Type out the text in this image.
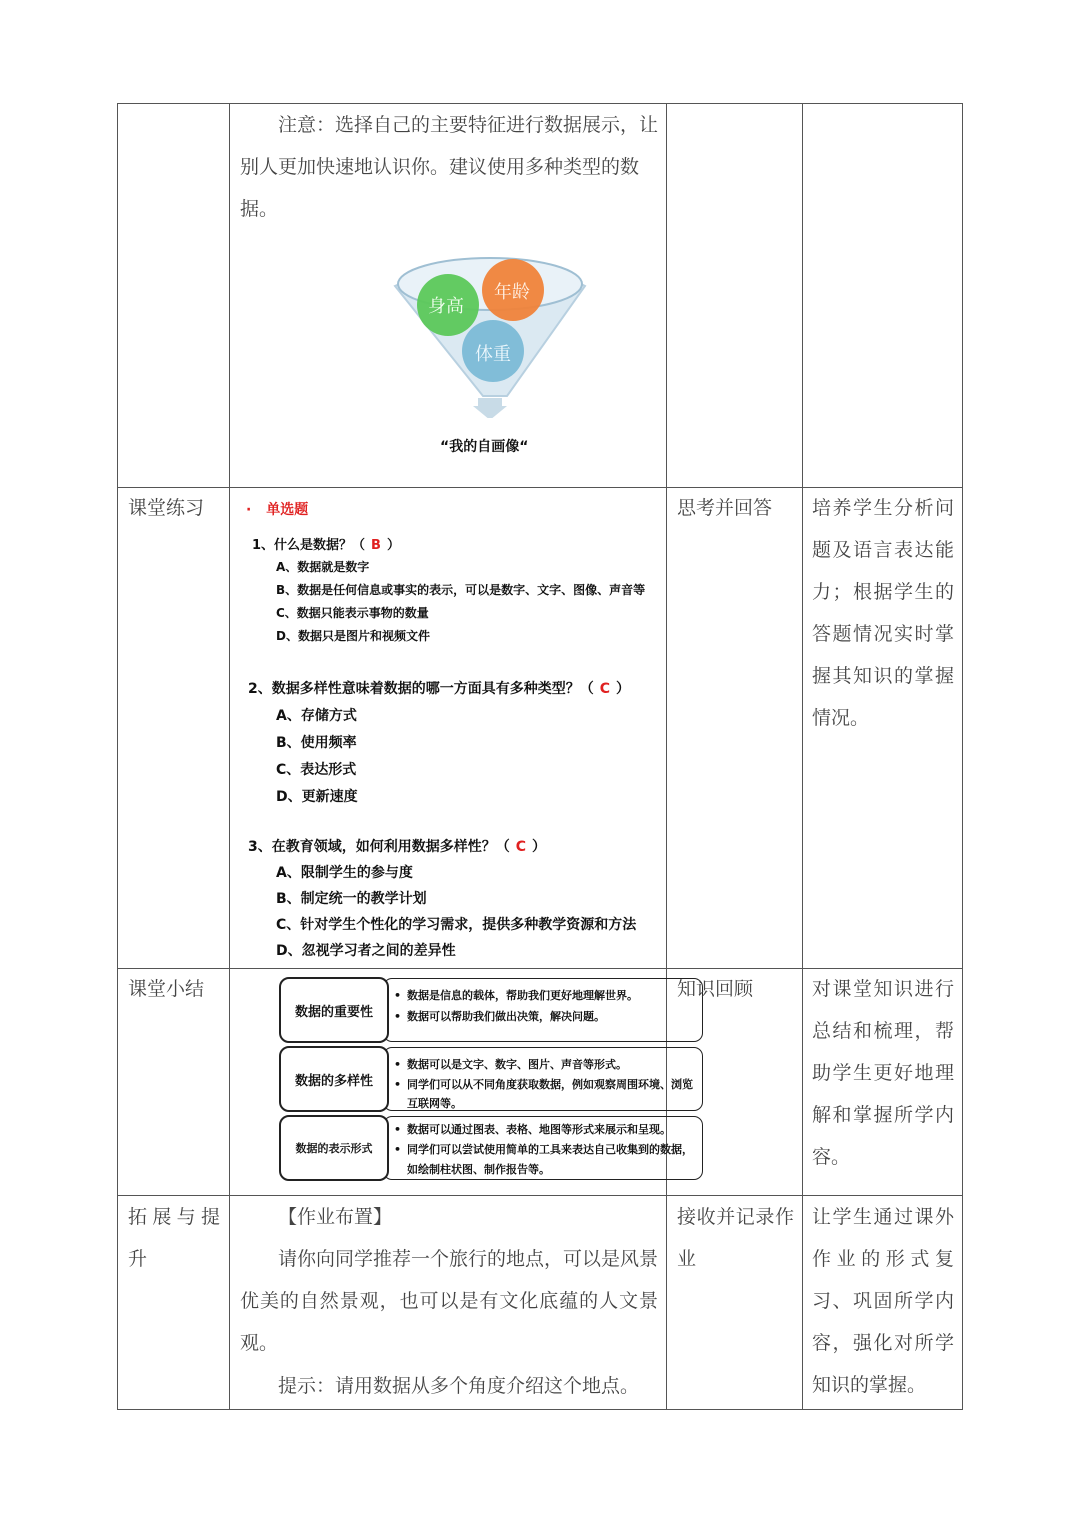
注意：选择自己的主要特征进行数据展示，让别人更加快速地认识你。建议使用多种类型的数据。
身高
年龄
体重
“我的自画像“
课堂练习	· 单选题
1、什么是数据？（ B ）
A、数据就是数字
B、数据是任何信息或事实的表示，可以是数字、文字、图像、声音等
C、数据只能表示事物的数量
D、数据只是图片和视频文件
2、数据多样性意味着数据的哪一方面具有多种类型？（ C ）
A、存储方式
B、使用频率
C、表达形式
D、更新速度
3、在教育领域，如何利用数据多样性？（ C ）
A、限制学生的参与度
B、制定统一的教学计划
C、针对学生个性化的学习需求，提供多种教学资源和方法
D、忽视学习者之间的差异性
思考并回答 培养学生分析问题及语言表达能力；根据学生的答题情况实时掌握其知识的掌握情况。
课堂小结
•	数据是信息的载体，帮助我们更好地理解世界。
• 数据可以帮助我们做出决策，解决问题。
数据的重要性
• 数据可以是文字、数字、图片、声音等形式。
• 同学们可以从不同角度获取数据，例如观察周围环境、浏览互联网等。
数据的多样性
• 数据可以通过图表、表格、地图等形式来展示和呈现。
• 同学们可以尝试使用简单的工具来表达自己收集到的数据，如绘制柱状图、制作报告等。
数据的表示形式
知识回顾	对课堂知识进行总结和梳理，帮助学生更好地理解和掌握所学内容。
拓展与提升
【作业布置】
请你向同学推荐一个旅行的地点，可以是风景优美的自然景观，也可以是有文化底蕴的人文景观。
提示：请用数据从多个角度介绍这个地点。
接收并记录作业
让学生通过课外作业的形式复习、巩固所学内容，强化对所学知识的掌握。
